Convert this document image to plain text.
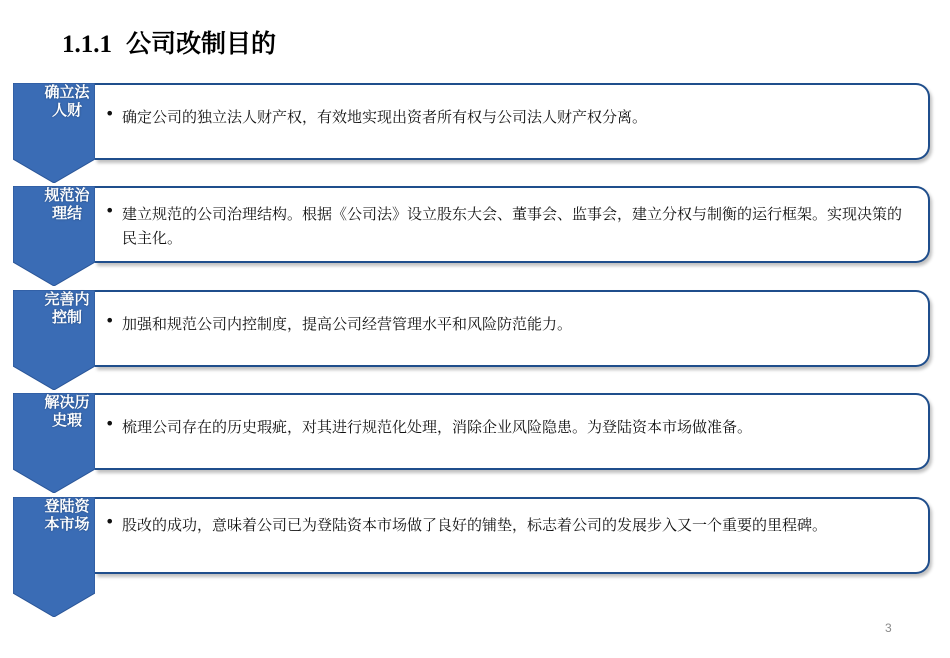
1.1.1 公司改制目的
确立法人财	• 确定公司的独立法人财产权，有效地实现出资者所有权与公司法人财产权分离。
规范治理结	• 建立规范的公司治理结构。根据《公司法》设立股东大会、董事会、监事会，建立分权与制衡的运行框架。实现决策的民主化。
完善内控制	• 加强和规范公司内控制度，提高公司经营管理水平和风险防范能力。
解决历史瑕	• 梳理公司存在的历史瑕疵，对其进行规范化处理，消除企业风险隐患。为登陆资本市场做准备。
登陆资本市场 • 股改的成功，意味着公司已为登陆资本市场做了良好的铺垫，标志着公司的发展步入又一个重要的里程碑。
3
